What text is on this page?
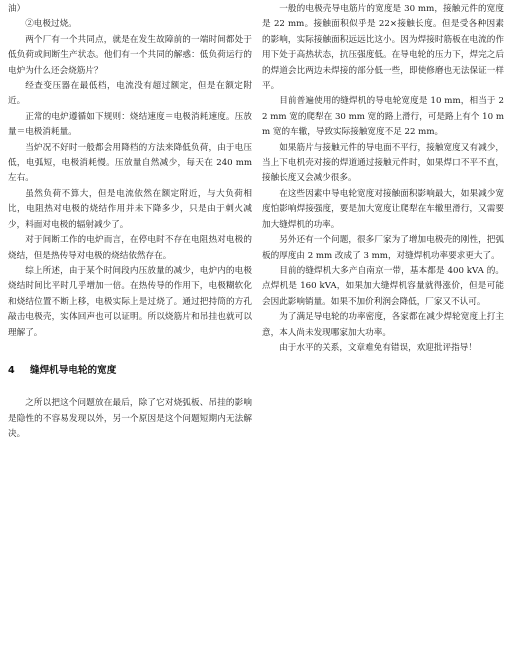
油）

②电极过烧。

两个厂有一个共同点，就是在发生故障前的一端时间都处于低负荷或间断生产状态。他们有一个共同的解惑：低负荷运行的电炉为什么还会烧筋片？

经查变压器在最低档，电流没有超过额定，但是在额定附近。

正常的电炉遵循如下规则：烧结速度＝电极消耗速度。压放量＝电极消耗量。

当炉况不好时一般都会用降档的方法来降低负荷，由于电压低，电弧短，电极消耗慢。压放量自然减少，每天在 240 mm 左右。

虽然负荷不算大，但是电流依然在额定附近，与大负荷相比，电阻热对电极的烧结作用并未下降多少，只是由于刺火减少，料面对电极的辐射减少了。

对于间断工作的电炉而言，在停电时不存在电阻热对电极的烧结，但是热传导对电极的烧结依然存在。

综上所述，由于某个时间段内压放量的减少，电炉内的电极烧结时间比平时几乎增加一倍。在热传导的作用下，电极糊软化和烧结位置不断上移，电极实际上是过烧了。通过把持筒的方孔敲击电极壳，实体回声也可以证明。所以烧筋片和吊挂也就可以理解了。

4 缝焊机导电轮的宽度

之所以把这个问题放在最后，除了它对烧弧板、吊挂的影响是隐性的不容易发现以外，另一个原因是这个问题短期内无法解决。

一般的电极壳导电筋片的宽度是 30 mm，接触元件的宽度是 22 mm。接触面积似乎是 22×接触长度。但是受各种因素的影响，实际接触面积远远比这小。因为焊接时筋板在电流的作用下处于高热状态，抗压强度低。在导电轮的压力下，焊完之后的焊道会比两边未焊接的部分低一些，即使修磨也无法保证一样平。

目前普遍使用的缝焊机的导电轮宽度是 10 mm，相当于 22 mm 宽的爬犁在 30 mm 宽的路上滑行，可是路上有个 10 mm 宽的车辙，导致实际接触宽度不足 22 mm。

如果筋片与接触元件的导电面不平行，接触宽度又有减少，当上下电机壳对接的焊道通过接触元件时，如果焊口不平不直，接触长度又会减少很多。

在这些因素中导电轮宽度对接触面积影响最大，如果减少宽度怕影响焊接强度，要是加大宽度让爬犁在车辙里滑行，又需要加大缝焊机的功率。

另外还有一个问题，很多厂家为了增加电极壳的刚性，把弧板的厚度由 2 mm 改成了 3 mm，对缝焊机功率要求更大了。

目前的缝焊机大多产自南京一带，基本都是 400 kVA 的。点焊机是 160 kVA，如果加大缝焊机容量就得涨价，但是可能会因此影响销量。如果不加价利润会降低，厂家又不认可。

为了满足导电轮的功率密度，各家都在减少焊轮宽度上打主意，本人尚未发现哪家加大功率。

由于水平的关系，文章难免有错误，欢迎批评指导！
